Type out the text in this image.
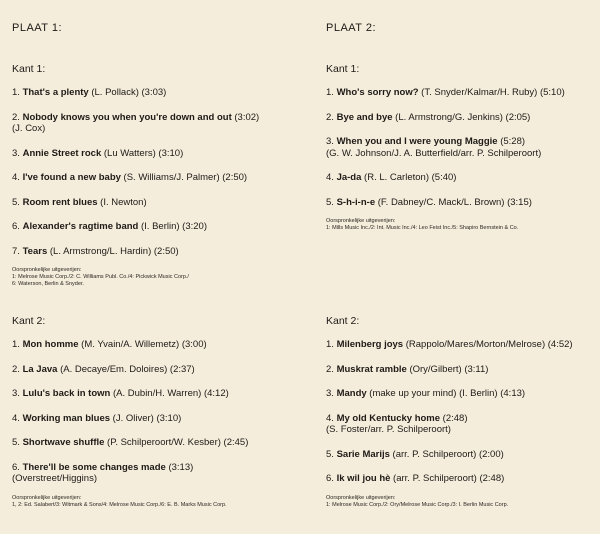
PLAAT 1:
Kant 1:
1. That's a plenty (L. Pollack) (3:03)
2. Nobody knows you when you're down and out (3:02)
(J. Cox)
3. Annie Street rock (Lu Watters) (3:10)
4. I've found a new baby (S. Williams/J. Palmer) (2:50)
5. Room rent blues (I. Newton)
6. Alexander's ragtime band (I. Berlin) (3:20)
7. Tears (L. Armstrong/L. Hardin) (2:50)
Oorspronkelijke uitgeverijen:
1: Melrose Music Corp./2: C. Williams Publ. Co./4: Pickwick Music Corp./
6: Waterson, Berlin & Snyder.
Kant 2:
1. Mon homme (M. Yvain/A. Willemetz) (3:00)
2. La Java (A. Decaye/Em. Doloires) (2:37)
3. Lulu's back in town (A. Dubin/H. Warren) (4:12)
4. Working man blues (J. Oliver) (3:10)
5. Shortwave shuffle (P. Schilperoort/W. Kesber) (2:45)
6. There'll be some changes made (3:13)
(Overstreet/Higgins)
Oorspronkelijke uitgeverijen:
1, 2: Ed. Salabert/3: Witmark & Sons/4: Melrose Music Corp./6: E. B. Marks Music Corp.
PLAAT 2:
Kant 1:
1. Who's sorry now? (T. Snyder/Kalmar/H. Ruby) (5:10)
2. Bye and bye (L. Armstrong/G. Jenkins) (2:05)
3. When you and I were young Maggie (5:28)
(G. W. Johnson/J. A. Butterfield/arr. P. Schilperoort)
4. Ja-da (R. L. Carleton) (5:40)
5. S-h-i-n-e (F. Dabney/C. Mack/L. Brown) (3:15)
Oorspronkelijke uitgeverijen:
1: Mills Music Inc./2: Int. Music Inc./4: Leo Feist Inc./5: Shapiro Bernstein & Co.
Kant 2:
1. Milenberg joys (Rappolo/Mares/Morton/Melrose) (4:52)
2. Muskrat ramble (Ory/Gilbert) (3:11)
3. Mandy (make up your mind) (I. Berlin) (4:13)
4. My old Kentucky home (2:48)
(S. Foster/arr. P. Schilperoort)
5. Sarie Marijs (arr. P. Schilperoort) (2:00)
6. Ik wil jou hè (arr. P. Schilperoort) (2:48)
Oorspronkelijke uitgeverijen:
1: Melrose Music Corp./2: Ory/Melrose Music Corp./3: I. Berlin Music Corp.
